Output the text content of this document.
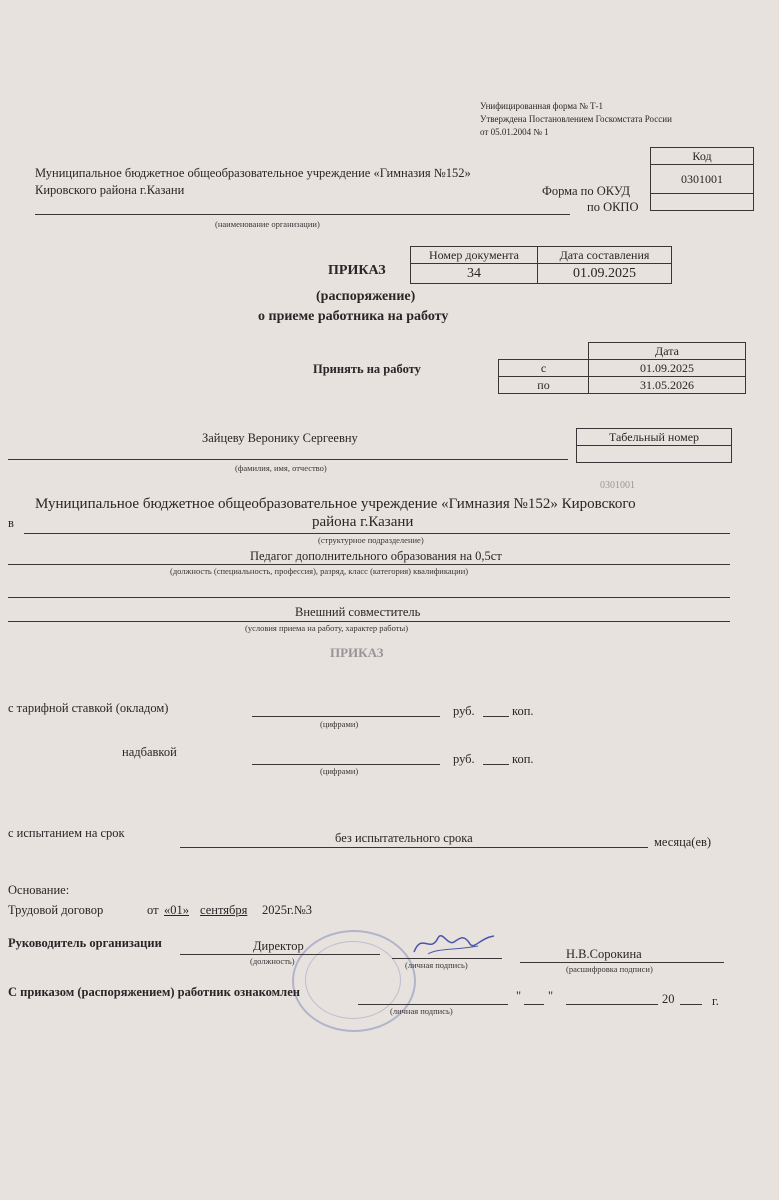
Унифицированная форма № Т-1
Утверждена Постановлением Госкомстата России
от 05.01.2004 № 1
Код
0301001

Форма по ОКУД
по ОКПО
Муниципальное бюджетное общеобразовательное учреждение «Гимназия №152»
Кировского района г.Казани
(наименование организации)
Номер документа	Дата составления
34	01.09.2025
ПРИКАЗ
(распоряжение)
о приеме работника на работу
Принять на работу
	Дата
с	01.09.2025
по	31.05.2026
Зайцеву Веронику Сергеевну
(фамилия, имя, отчество)
Табельный номер

в
Муниципальное бюджетное общеобразовательное учреждение «Гимназия №152» Кировского
района г.Казани
(структурное подразделение)
Педагог дополнительного образования на 0,5ст
(должность (специальность, профессия), разряд, класс (категория) квалификации)
Внешний совместитель
(условия приема на работу, характер работы)
0301001
ПРИКАЗ
с тарифной ставкой (окладом)	руб.	коп.
(цифрами)
надбавкой	руб.	коп.
(цифрами)
с испытанием на срок	без испытательного срока	месяца(ев)
Основание:
Трудовой договор	от «01» сентября 2025г.№3
Руководитель организации	Директор
(должность)	(личная подпись)
Н.В.Сорокина
(расшифровка подписи)
С приказом (распоряжением) работник ознакомлен
(личная подпись)
" "	20	г.
